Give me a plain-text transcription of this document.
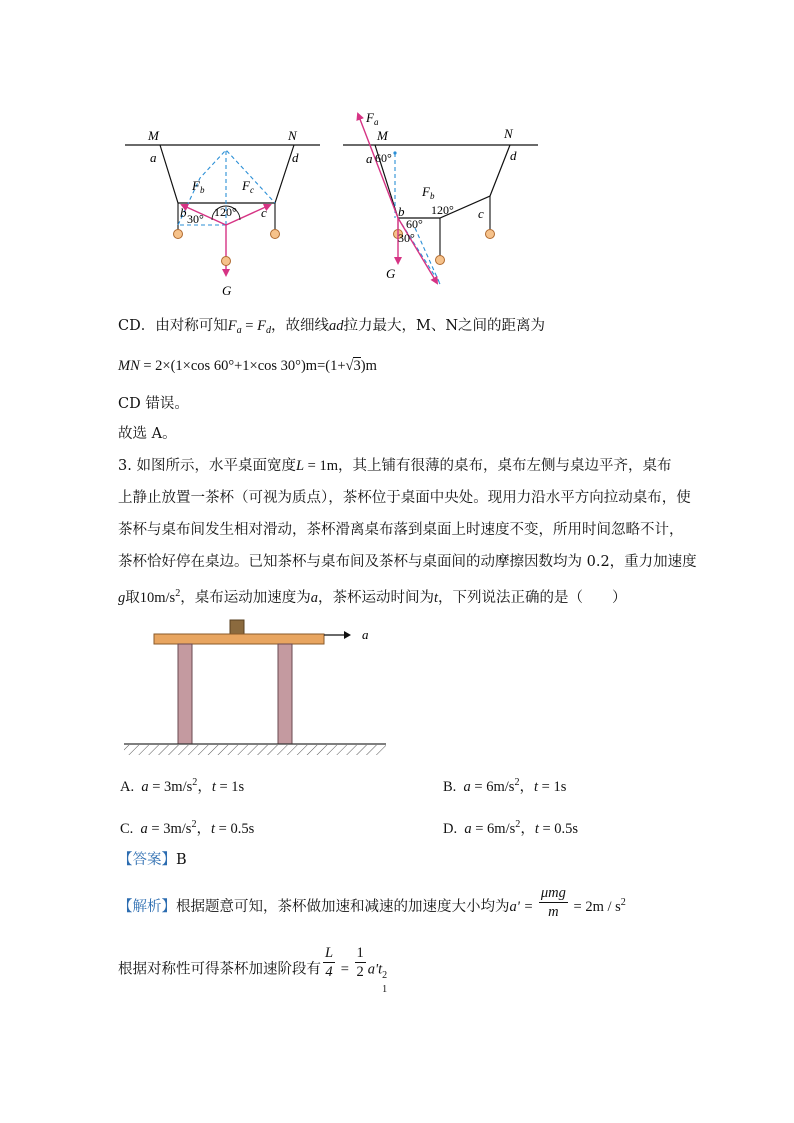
M	N
a	d
b	c
$F_b$	$F_c$
120°
30°
G
$F_a$
M	N
a	d
60°
b	c
$F_b$
120°
60°
30°
G
CD．由对称可知$F_a = F_d$，故细线ad拉力最大，M、N之间的距离为
MN = 2×(1×cos 60°+1×cos 30°)m=(1+√3)m
CD 错误。
故选 A。
3. 如图所示，水平桌面宽度L = 1m，其上铺有很薄的桌布，桌布左侧与桌边平齐，桌布
上静止放置一茶杯（可视为质点），茶杯位于桌面中央处。现用力沿水平方向拉动桌布，使
茶杯与桌布间发生相对滑动，茶杯滑离桌布落到桌面上时速度不变，所用时间忽略不计，
茶杯恰好停在桌边。已知茶杯与桌布间及茶杯与桌面间的动摩擦因数均为 0.2，重力加速度
g取$10m/s^2$，桌布运动加速度为a，茶杯运动时间为t，下列说法正确的是（　　）
a
A. $a = 3m/s^2$，t = 1s	B. $a = 6m/s^2$，t = 1s
C. $a = 3m/s^2$，t = 0.5s	D. $a = 6m/s^2$，t = 0.5s
【答案】B
【解析】根据题意可知，茶杯做加速和减速的加速度大小均为$a' = \frac{\text{μmg}}{m} = 2m / s^2$
根据对称性可得茶杯加速阶段有 $\frac{L}{4} = \frac{1}{2} a't$ 2
1
